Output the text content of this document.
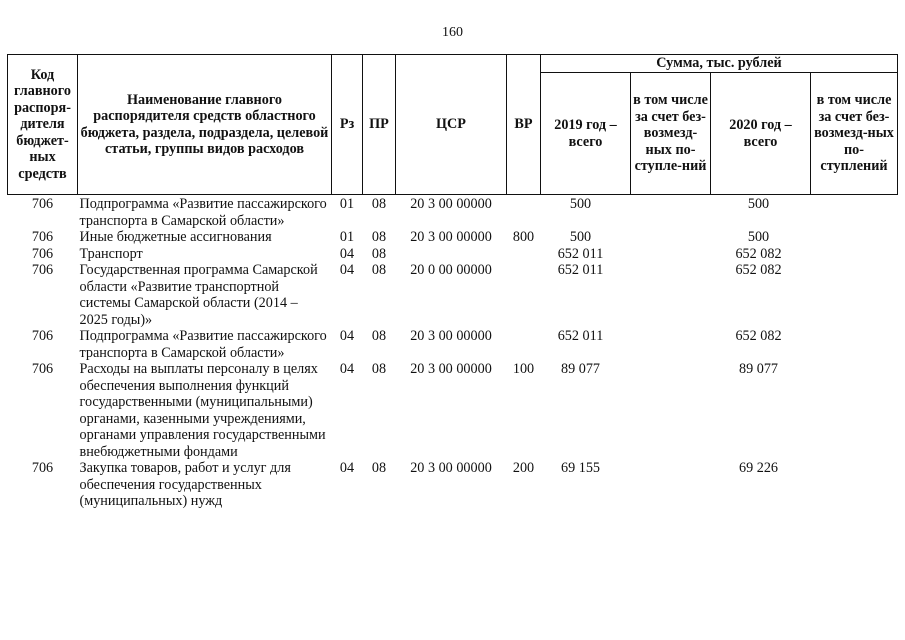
160
Код главного распоря-дителя бюджет-ных средств	Наименование главного распорядителя средств областного бюджета, раздела, подраздела, целевой статьи, группы видов расходов	Рз	ПР	ЦСР	ВР	Сумма, тыс. рублей			
						2019 год – всего	в том числе за счет без-возмезд-ных по-ступле-ний	2020 год – всего	в том числе за счет без-возмезд-ных по-ступлений
706	Подпрограмма «Развитие пассажирского транспорта в Самарской области»	01	08	20 3 00 00000		500		500	
706	Иные бюджетные ассигнования	01	08	20 3 00 00000	800	500		500	
706	Транспорт	04	08			652 011		652 082	
706	Государственная программа Самарской области «Развитие транспортной системы Самарской области (2014 – 2025 годы)»	04	08	20 0 00 00000		652 011		652 082	
706	Подпрограмма «Развитие пассажирского транспорта в Самарской области»	04	08	20 3 00 00000		652 011		652 082	
706	Расходы на выплаты персоналу в целях обеспечения выполнения функций государственными (муниципальными) органами, казенными учреждениями, органами управления государственными внебюджетными фондами	04	08	20 3 00 00000	100	89 077		89 077	
706	Закупка товаров, работ и услуг для обеспечения государственных (муниципальных) нужд	04	08	20 3 00 00000	200	69 155		69 226	
